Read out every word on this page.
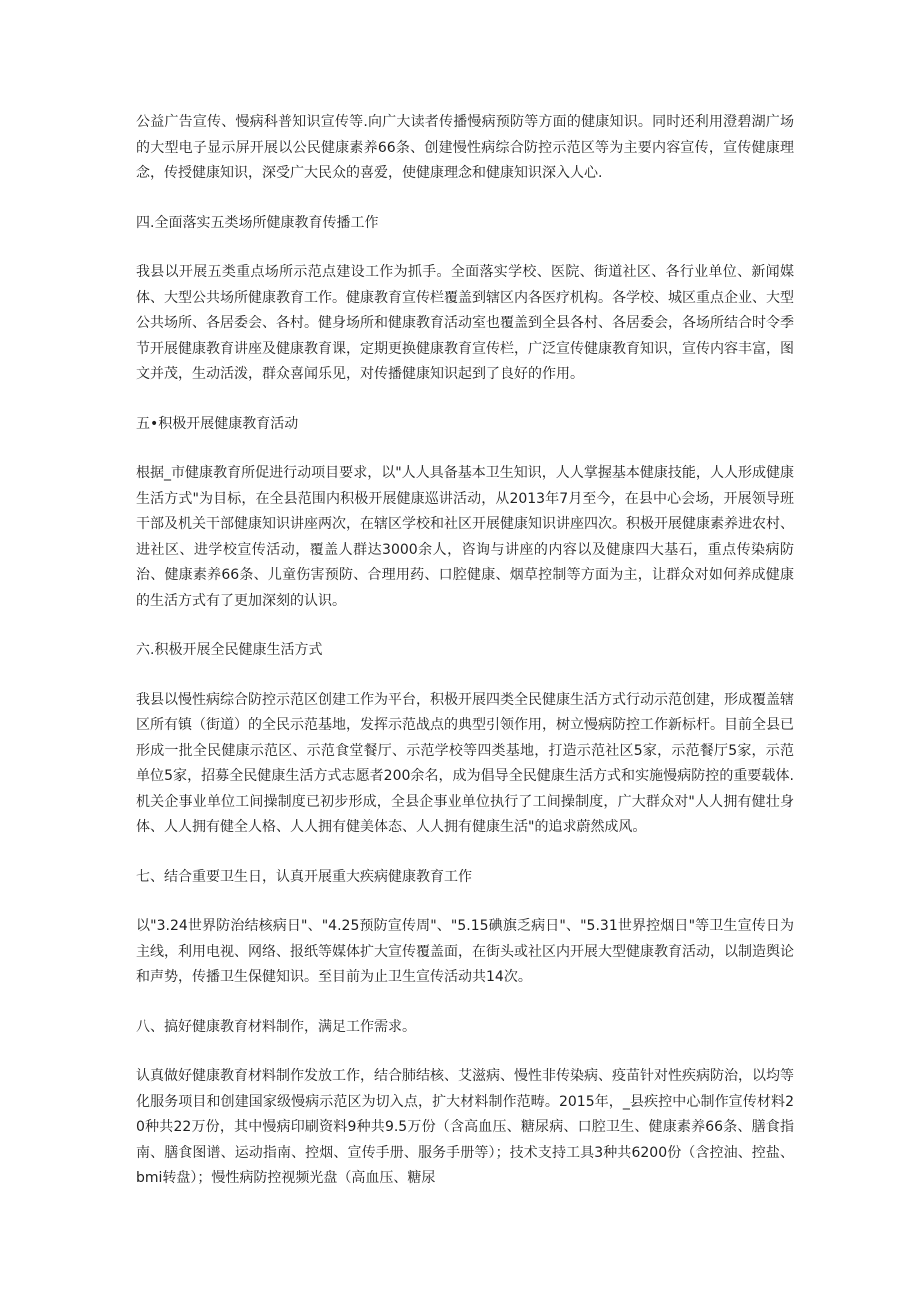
公益广告宣传、慢病科普知识宣传等.向广大读者传播慢病预防等方面的健康知识。同时还利用澄碧湖广场的大型电子显示屏开展以公民健康素养66条、创建慢性病综合防控示范区等为主要内容宣传，宣传健康理念，传授健康知识，深受广大民众的喜爱，使健康理念和健康知识深入人心.

四.全面落实五类场所健康教育传播工作

我县以开展五类重点场所示范点建设工作为抓手。全面落实学校、医院、街道社区、各行业单位、新闻媒体、大型公共场所健康教育工作。健康教育宣传栏覆盖到辖区内各医疗机构。各学校、城区重点企业、大型公共场所、各居委会、各村。健身场所和健康教育活动室也覆盖到全县各村、各居委会，各场所结合时令季节开展健康教育讲座及健康教育课，定期更换健康教育宣传栏，广泛宣传健康教育知识，宣传内容丰富，图文并茂，生动活泼，群众喜闻乐见，对传播健康知识起到了良好的作用。

五•积极开展健康教育活动

根据_市健康教育所促进行动项目要求，以"人人具备基本卫生知识，人人掌握基本健康技能，人人形成健康生活方式"为目标，在全县范围内积极开展健康巡讲活动，从2013年7月至今，在县中心会场，开展领导班干部及机关干部健康知识讲座两次，在辖区学校和社区开展健康知识讲座四次。积极开展健康素养进农村、进社区、进学校宣传活动，覆盖人群达3000余人，咨询与讲座的内容以及健康四大基石，重点传染病防治、健康素养66条、儿童伤害预防、合理用药、口腔健康、烟草控制等方面为主，让群众对如何养成健康的生活方式有了更加深刻的认识。

六.积极开展全民健康生活方式

我县以慢性病综合防控示范区创建工作为平台，积极开展四类全民健康生活方式行动示范创建，形成覆盖辖区所有镇（街道）的全民示范基地，发挥示范战点的典型引领作用，树立慢病防控工作新标杆。目前全县已形成一批全民健康示范区、示范食堂餐厅、示范学校等四类基地，打造示范社区5家，示范餐厅5家，示范单位5家，招募全民健康生活方式志愿者200余名，成为倡导全民健康生活方式和实施慢病防控的重要载体.机关企事业单位工间操制度已初步形成，全县企事业单位执行了工间操制度，广大群众对"人人拥有健壮身体、人人拥有健全人格、人人拥有健美体态、人人拥有健康生活"的追求蔚然成风。

七、结合重要卫生日，认真开展重大疾病健康教育工作

以"3.24世界防治结核病日"、"4.25预防宣传周"、"5.15碘旗乏病日"、"5.31世界控烟日"等卫生宣传日为主线，利用电视、网络、报纸等媒体扩大宣传覆盖面，在街头或社区内开展大型健康教育活动，以制造舆论和声势，传播卫生保健知识。至目前为止卫生宣传活动共14次。

八、搞好健康教育材料制作，满足工作需求。

认真做好健康教育材料制作发放工作，结合肺结核、艾滋病、慢性非传染病、疫苗针对性疾病防治，以均等化服务项目和创建国家级慢病示范区为切入点，扩大材料制作范畴。2015年，_县疾控中心制作宣传材料20种共22万份，其中慢病印刷资料9种共9.5万份（含高血压、糖尿病、口腔卫生、健康素养66条、膳食指南、膳食图谱、运动指南、控烟、宣传手册、服务手册等）；技术支持工具3种共6200份（含控油、控盐、bmi转盘）；慢性病防控视频光盘（高血压、糖尿
